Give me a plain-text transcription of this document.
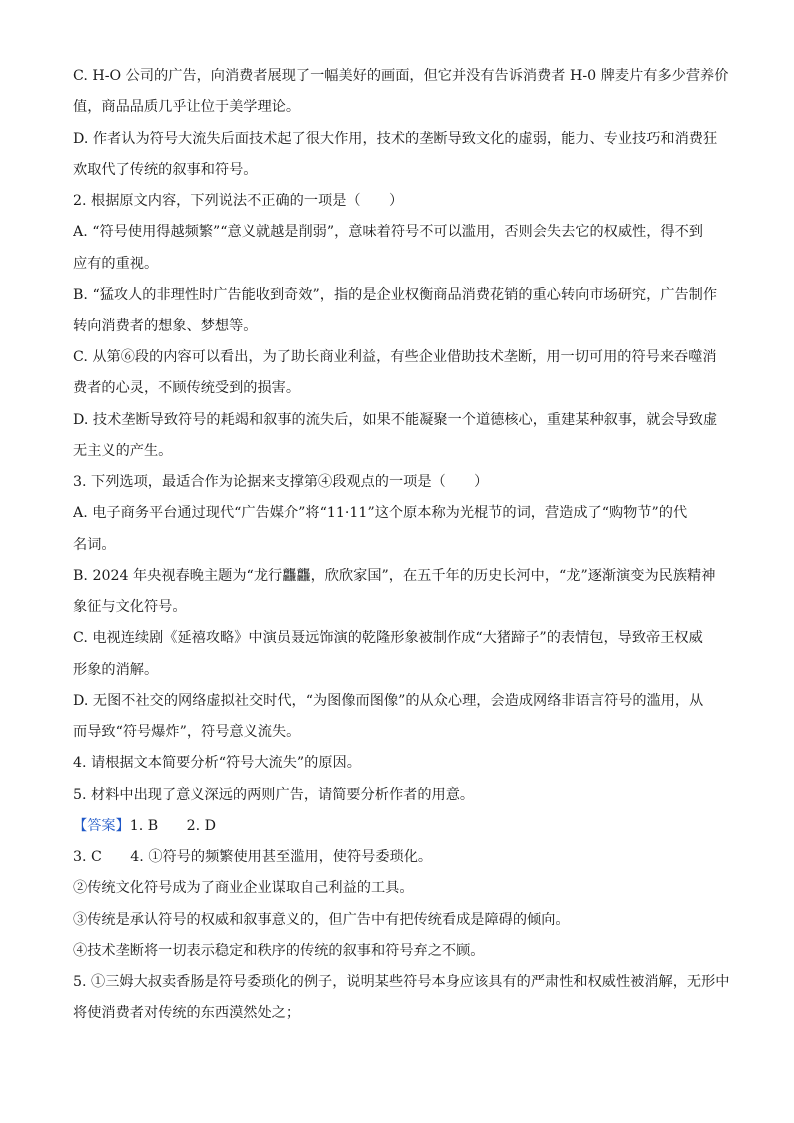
C. H-O 公司的广告，向消费者展现了一幅美好的画面，但它并没有告诉消费者 H-0 牌麦片有多少营养价
值，商品品质几乎让位于美学理论。
D. 作者认为符号大流失后面技术起了很大作用，技术的垄断导致文化的虚弱，能力、专业技巧和消费狂
欢取代了传统的叙事和符号。
2. 根据原文内容，下列说法不正确的一项是（　　）
A. “符号使用得越频繁”“意义就越是削弱”，意味着符号不可以滥用，否则会失去它的权威性，得不到
应有的重视。
B. “猛攻人的非理性时广告能收到奇效”，指的是企业权衡商品消费花销的重心转向市场研究，广告制作
转向消费者的想象、梦想等。
C. 从第⑥段的内容可以看出，为了助长商业利益，有些企业借助技术垄断，用一切可用的符号来吞噬消
费者的心灵，不顾传统受到的损害。
D. 技术垄断导致符号的耗竭和叙事的流失后，如果不能凝聚一个道德核心，重建某种叙事，就会导致虚
无主义的产生。
3. 下列选项，最适合作为论据来支撑第④段观点的一项是（　　）
A. 电子商务平台通过现代“广告媒介”将“11·11”这个原本称为光棍节的词，营造成了“购物节”的代
名词。
B. 2024 年央视春晚主题为“龙行龘龘，欣欣家国”，在五千年的历史长河中，“龙”逐渐演变为民族精神
象征与文化符号。
C. 电视连续剧《延禧攻略》中演员聂远饰演的乾隆形象被制作成“大猪蹄子”的表情包，导致帝王权威
形象的消解。
D. 无图不社交的网络虚拟社交时代，“为图像而图像”的从众心理，会造成网络非语言符号的滥用，从
而导致“符号爆炸”，符号意义流失。
4. 请根据文本简要分析“符号大流失”的原因。
5. 材料中出现了意义深远的两则广告，请简要分析作者的用意。
【答案】1. B　　2. D
3. C　　4. ①符号的频繁使用甚至滥用，使符号委琐化。
②传统文化符号成为了商业企业谋取自己利益的工具。
③传统是承认符号的权威和叙事意义的，但广告中有把传统看成是障碍的倾向。
④技术垄断将一切表示稳定和秩序的传统的叙事和符号弃之不顾。
5. ①三姆大叔卖香肠是符号委琐化的例子，说明某些符号本身应该具有的严肃性和权威性被消解，无形中
将使消费者对传统的东西漠然处之；
